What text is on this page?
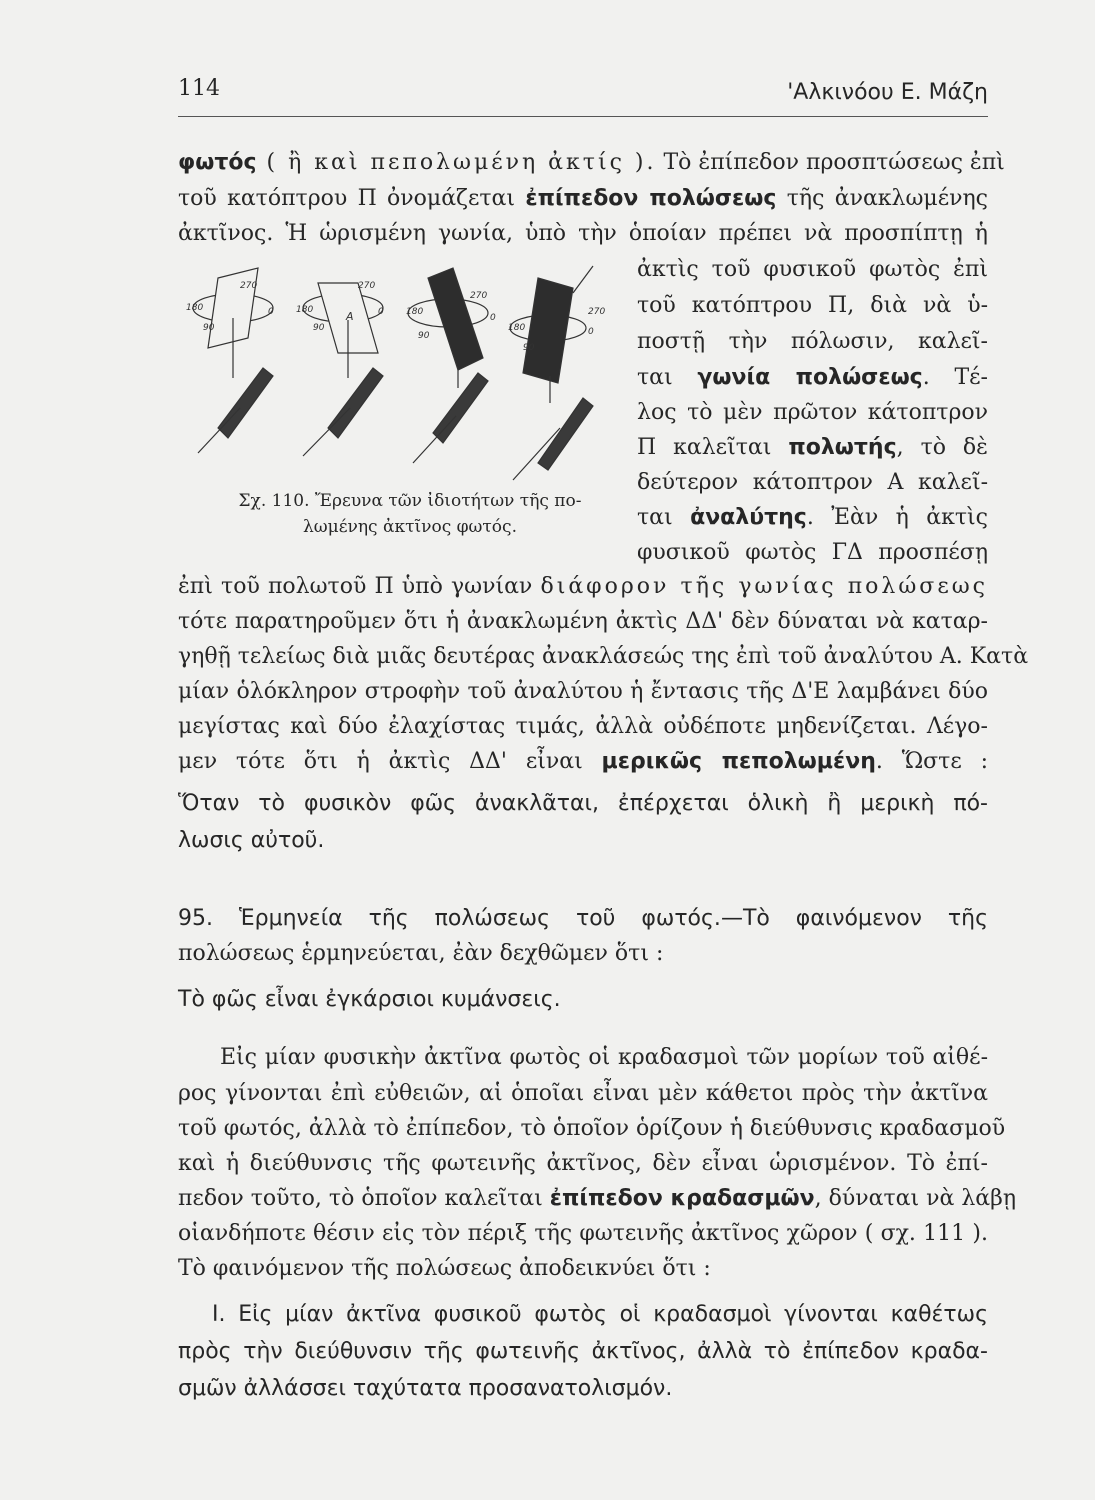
114	'Αλκινόου Ε. Μάζη
φωτός ( ἢ καὶ πεπολωμένη ἀκτίς ). Τὸ ἐπίπεδον προσπτώσεως ἐπὶ
τοῦ κατόπτρου Π ὀνομάζεται ἐπίπεδον πολώσεως τῆς ἀνακλωμένης
ἀκτῖνος. Ἡ ὡρισμένη γωνία, ὑπὸ τὴν ὁποίαν πρέπει νὰ προσπίπτῃ ἡ
180
270
0
90
180
270
0
90
180
270
0
90
180
270
0
90
Α
Σχ. 110. Ἔρευνα τῶν ἰδιοτήτων τῆς πο-
λωμένης ἀκτῖνος φωτός.
ἀκτὶς τοῦ φυσικοῦ φωτὸς ἐπὶ
τοῦ κατόπτρου Π, διὰ νὰ ὑ-
ποστῇ τὴν πόλωσιν, καλεῖ-
ται γωνία πολώσεως. Τέ-
λος τὸ μὲν πρῶτον κάτοπτρον
Π καλεῖται πολωτής, τὸ δὲ
δεύτερον κάτοπτρον Α καλεῖ-
ται ἀναλύτης. Ἐὰν ἡ ἀκτὶς
φυσικοῦ φωτὸς ΓΔ προσπέσῃ
ἐπὶ τοῦ πολωτοῦ Π ὑπὸ γωνίαν διάφορον τῆς γωνίας πολώσεως
τότε παρατηροῦμεν ὅτι ἡ ἀνακλωμένη ἀκτὶς ΔΔ' δὲν δύναται νὰ καταρ-
γηθῇ τελείως διὰ μιᾶς δευτέρας ἀνακλάσεώς της ἐπὶ τοῦ ἀναλύτου Α. Κατὰ
μίαν ὁλόκληρον στροφὴν τοῦ ἀναλύτου ἡ ἔντασις τῆς Δ'Ε λαμβάνει δύο
μεγίστας καὶ δύο ἐλαχίστας τιμάς, ἀλλὰ οὐδέποτε μηδενίζεται. Λέγο-
μεν τότε ὅτι ἡ ἀκτὶς ΔΔ' εἶναι μερικῶς πεπολωμένη. Ὥστε :
Ὅταν τὸ φυσικὸν φῶς ἀνακλᾶται, ἐπέρχεται ὁλικὴ ἢ μερικὴ πό-
λωσις αὐτοῦ.
95. Ἑρμηνεία τῆς πολώσεως τοῦ φωτός.—Τὸ φαινόμενον τῆς
πολώσεως ἑρμηνεύεται, ἐὰν δεχθῶμεν ὅτι :
Τὸ φῶς εἶναι ἐγκάρσιοι κυμάνσεις.
Εἰς μίαν φυσικὴν ἀκτῖνα φωτὸς οἱ κραδασμοὶ τῶν μορίων τοῦ αἰθέ-
ρος γίνονται ἐπὶ εὐθειῶν, αἱ ὁποῖαι εἶναι μὲν κάθετοι πρὸς τὴν ἀκτῖνα
τοῦ φωτός, ἀλλὰ τὸ ἐπίπεδον, τὸ ὁποῖον ὁρίζουν ἡ διεύθυνσις κραδασμοῦ
καὶ ἡ διεύθυνσις τῆς φωτεινῆς ἀκτῖνος, δὲν εἶναι ὡρισμένον. Τὸ ἐπί-
πεδον τοῦτο, τὸ ὁποῖον καλεῖται ἐπίπεδον κραδασμῶν, δύναται νὰ λάβῃ
οἱανδήποτε θέσιν εἰς τὸν πέριξ τῆς φωτεινῆς ἀκτῖνος χῶρον ( σχ. 111 ).
Τὸ φαινόμενον τῆς πολώσεως ἀποδεικνύει ὅτι :
Ι. Εἰς μίαν ἀκτῖνα φυσικοῦ φωτὸς οἱ κραδασμοὶ γίνονται καθέτως
πρὸς τὴν διεύθυνσιν τῆς φωτεινῆς ἀκτῖνος, ἀλλὰ τὸ ἐπίπεδον κραδα-
σμῶν ἀλλάσσει ταχύτατα προσανατολισμόν.
